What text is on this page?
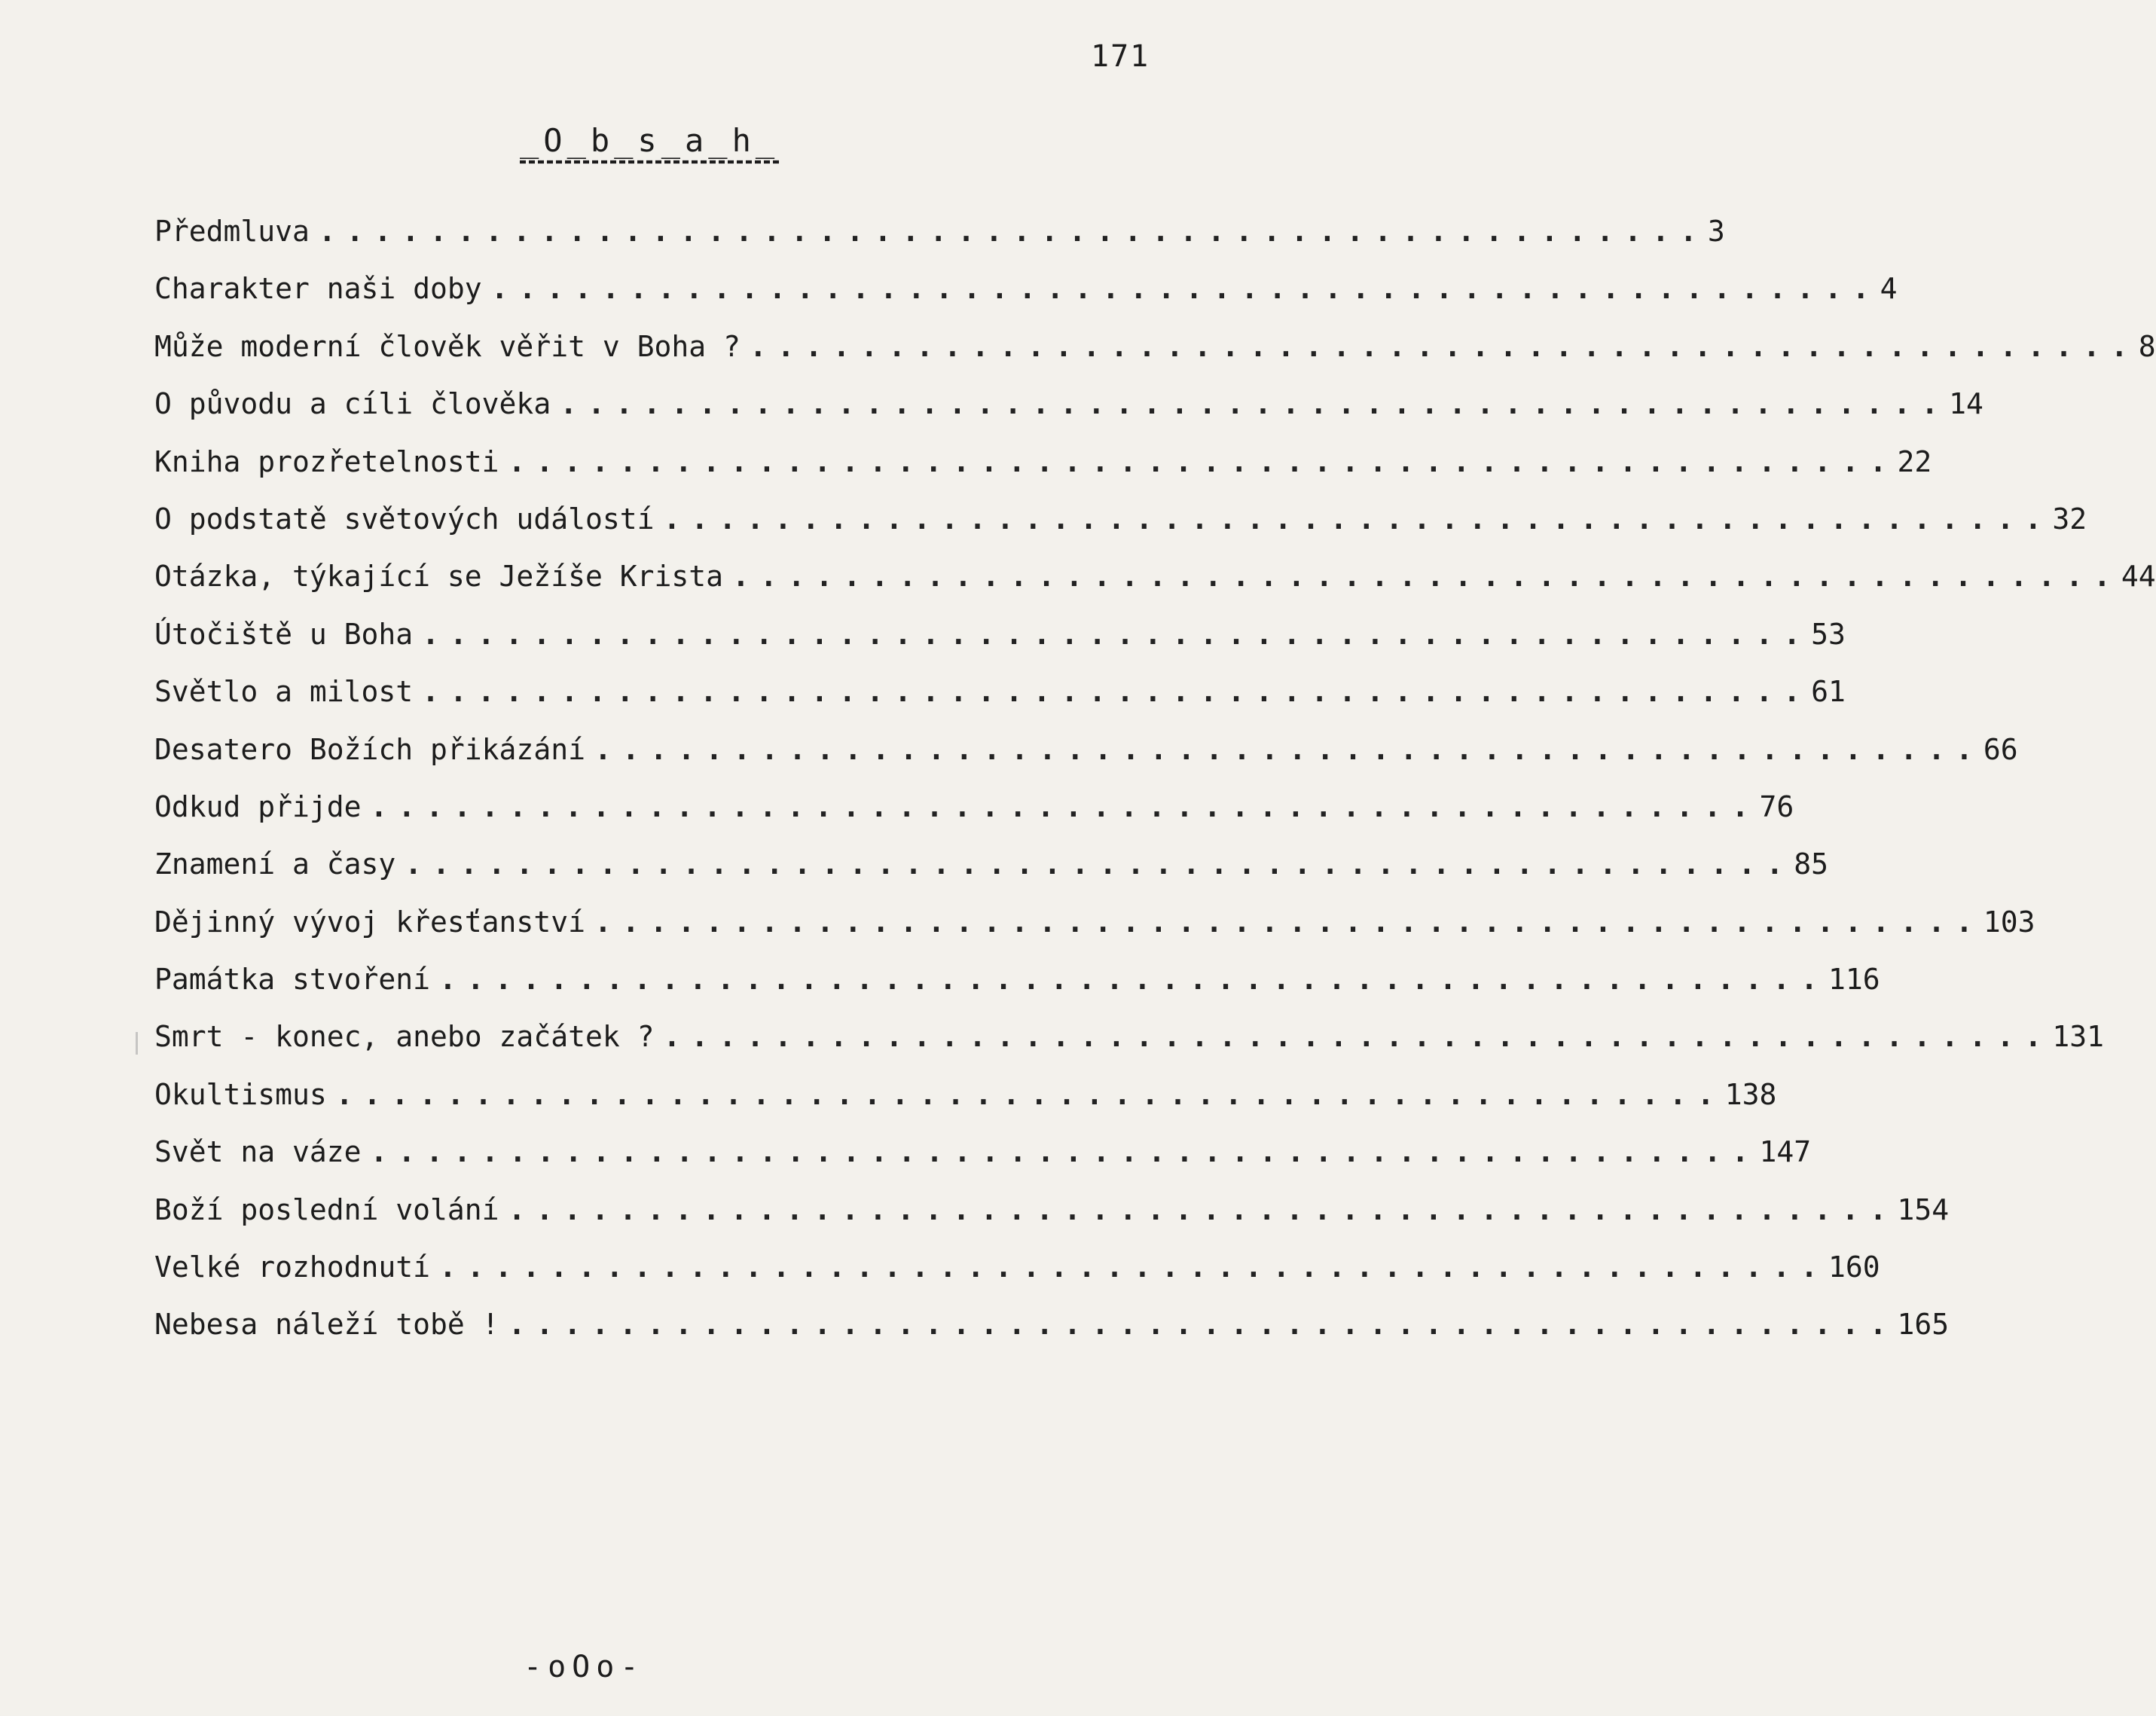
171
_O_b_s_a_h_
Předmluva .................................................. 3
Charakter naši doby .................................................. 4
Může moderní člověk věřit v Boha ? .................................................. 8
O původu a cíli člověka .................................................. 14
Kniha prozřetelnosti .................................................. 22
O podstatě světových událostí .................................................. 32
Otázka, týkající se Ježíše Krista .................................................. 44
Útočiště u Boha .................................................. 53
Světlo a milost .................................................. 61
Desatero Božích přikázání .................................................. 66
Odkud přijde .................................................. 76
Znamení a časy .................................................. 85
Dějinný vývoj křesťanství .................................................. 103
Památka stvoření .................................................. 116
Smrt - konec, anebo začátek ? .................................................. 131
Okultismus .................................................. 138
Svět na váze .................................................. 147
Boží poslední volání .................................................. 154
Velké rozhodnutí .................................................. 160
Nebesa náleží tobě ! .................................................. 165
-oOo-
